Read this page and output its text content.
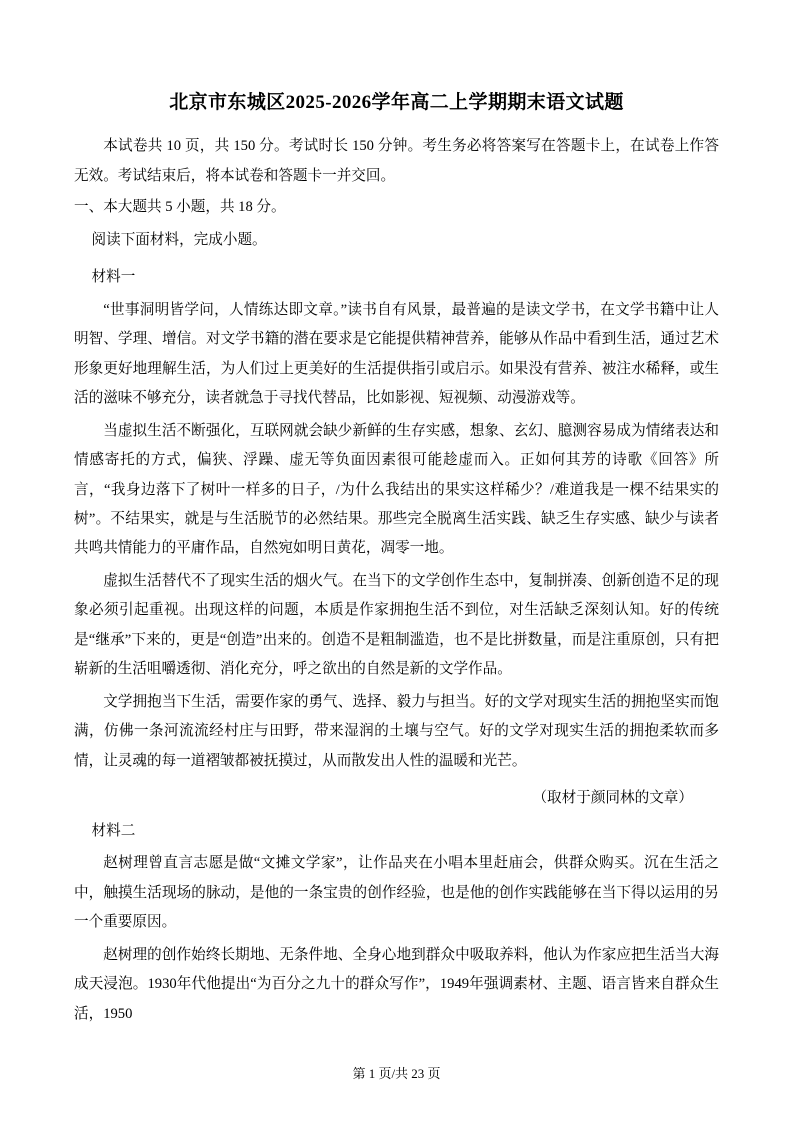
北京市东城区2025-2026学年高二上学期期末语文试题

本试卷共 10 页，共 150 分。考试时长 150 分钟。考生务必将答案写在答题卡上，在试卷上作答无效。考试结束后，将本试卷和答题卡一并交回。

一、本大题共 5 小题，共 18 分。

阅读下面材料，完成小题。

材料一

“世事洞明皆学问，人情练达即文章。”读书自有风景，最普遍的是读文学书，在文学书籍中让人明智、学理、增信。对文学书籍的潜在要求是它能提供精神营养，能够从作品中看到生活，通过艺术形象更好地理解生活，为人们过上更美好的生活提供指引或启示。如果没有营养、被注水稀释，或生活的滋味不够充分，读者就急于寻找代替品，比如影视、短视频、动漫游戏等。

当虚拟生活不断强化，互联网就会缺少新鲜的生存实感，想象、玄幻、臆测容易成为情绪表达和情感寄托的方式，偏狭、浮躁、虚无等负面因素很可能趁虚而入。正如何其芳的诗歌《回答》所言，“我身边落下了树叶一样多的日子，/为什么我结出的果实这样稀少？/难道我是一棵不结果实的树”。不结果实，就是与生活脱节的必然结果。那些完全脱离生活实践、缺乏生存实感、缺少与读者共鸣共情能力的平庸作品，自然宛如明日黄花，凋零一地。

虚拟生活替代不了现实生活的烟火气。在当下的文学创作生态中，复制拼凑、创新创造不足的现象必须引起重视。出现这样的问题，本质是作家拥抱生活不到位，对生活缺乏深刻认知。好的传统是“继承”下来的，更是“创造”出来的。创造不是粗制滥造，也不是比拼数量，而是注重原创，只有把崭新的生活咀嚼透彻、消化充分，呼之欲出的自然是新的文学作品。

文学拥抱当下生活，需要作家的勇气、选择、毅力与担当。好的文学对现实生活的拥抱坚实而饱满，仿佛一条河流流经村庄与田野，带来湿润的土壤与空气。好的文学对现实生活的拥抱柔软而多情，让灵魂的每一道褶皱都被抚摸过，从而散发出人性的温暖和光芒。

（取材于颜同林的文章）

材料二

赵树理曾直言志愿是做“文摊文学家”，让作品夹在小唱本里赶庙会，供群众购买。沉在生活之中，触摸生活现场的脉动，是他的一条宝贵的创作经验，也是他的创作实践能够在当下得以运用的另一个重要原因。

赵树理的创作始终长期地、无条件地、全身心地到群众中吸取养料，他认为作家应把生活当大海成天浸泡。1930年代他提出“为百分之九十的群众写作”，1949年强调素材、主题、语言皆来自群众生活，1950

第 1 页/共 23 页
